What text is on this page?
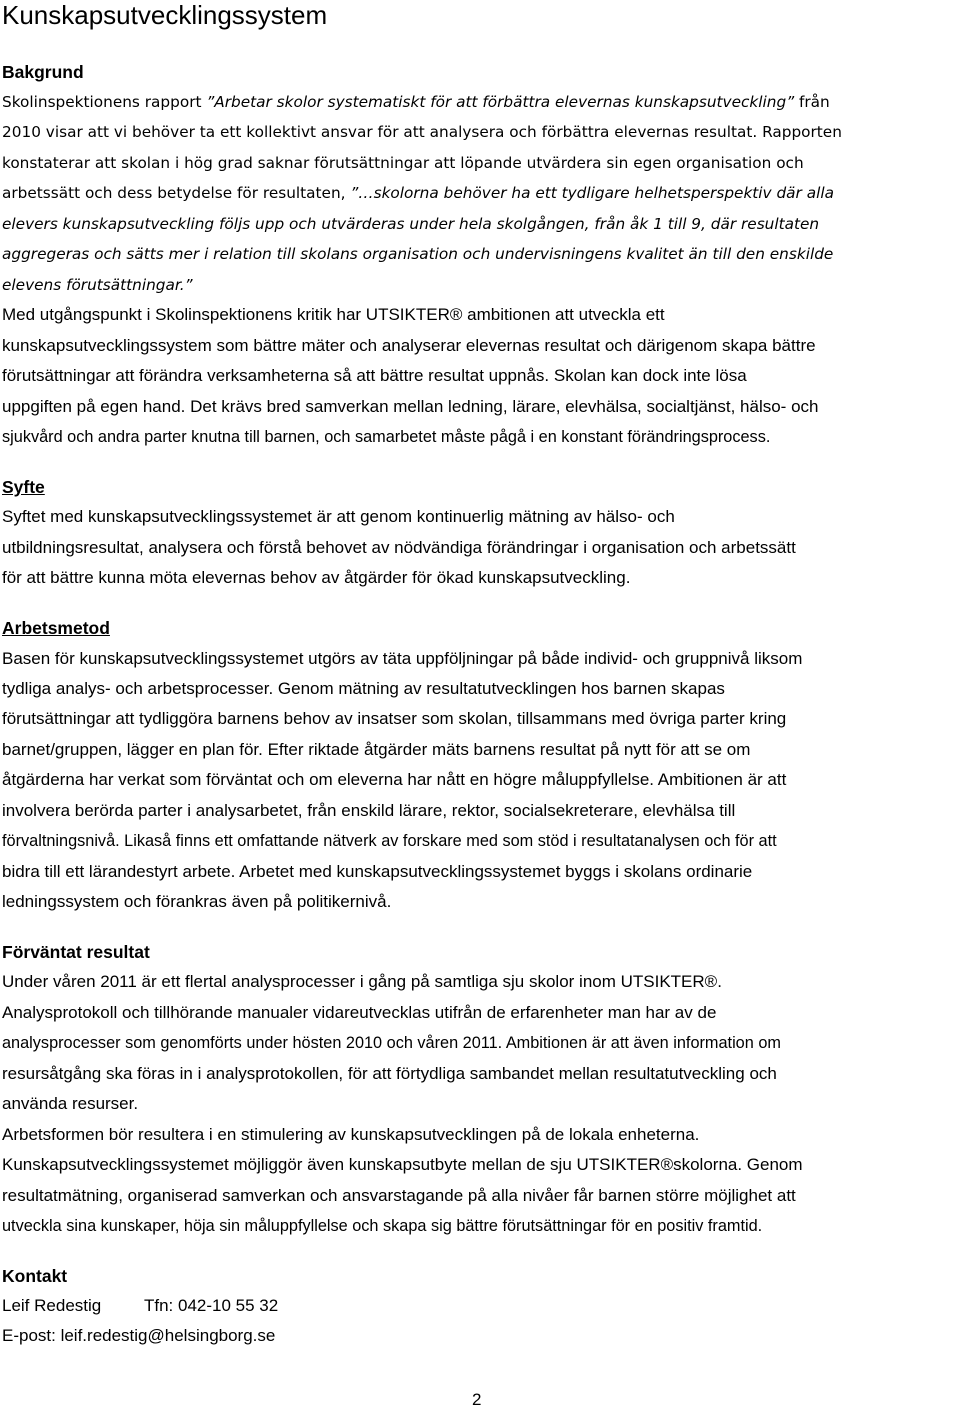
Kunskapsutvecklingssystem
Bakgrund
Skolinspektionens rapport ”Arbetar skolor systematiskt för att förbättra elevernas kunskapsutveckling” från
2010 visar att vi behöver ta ett kollektivt ansvar för att analysera och förbättra elevernas resultat. Rapporten
konstaterar att skolan i hög grad saknar förutsättningar att löpande utvärdera sin egen organisation och
arbetssätt och dess betydelse för resultaten, ”…skolorna behöver ha ett tydligare helhetsperspektiv där alla
elevers kunskapsutveckling följs upp och utvärderas under hela skolgången, från åk 1 till 9, där resultaten
aggregeras och sätts mer i relation till skolans organisation och undervisningens kvalitet än till den enskilde
elevens förutsättningar.”
Med utgångspunkt i Skolinspektionens kritik har UTSIKTER® ambitionen att utveckla ett
kunskapsutvecklingssystem som bättre mäter och analyserar elevernas resultat och därigenom skapa bättre
förutsättningar att förändra verksamheterna så att bättre resultat uppnås. Skolan kan dock inte lösa
uppgiften på egen hand. Det krävs bred samverkan mellan ledning, lärare, elevhälsa, socialtjänst, hälso- och
sjukvård och andra parter knutna till barnen, och samarbetet måste pågå i en konstant förändringsprocess.
Syfte
Syftet med kunskapsutvecklingssystemet är att genom kontinuerlig mätning av hälso- och
utbildningsresultat, analysera och förstå behovet av nödvändiga förändringar i organisation och arbetssätt
för att bättre kunna möta elevernas behov av åtgärder för ökad kunskapsutveckling.
Arbetsmetod
Basen för kunskapsutvecklingssystemet utgörs av täta uppföljningar på både individ- och gruppnivå liksom
tydliga analys- och arbetsprocesser. Genom mätning av resultatutvecklingen hos barnen skapas
förutsättningar att tydliggöra barnens behov av insatser som skolan, tillsammans med övriga parter kring
barnet/gruppen, lägger en plan för. Efter riktade åtgärder mäts barnens resultat på nytt för att se om
åtgärderna har verkat som förväntat och om eleverna har nått en högre måluppfyllelse. Ambitionen är att
involvera berörda parter i analysarbetet, från enskild lärare, rektor, socialsekreterare, elevhälsa till
förvaltningsnivå. Likaså finns ett omfattande nätverk av forskare med som stöd i resultatanalysen och för att
bidra till ett lärandestyrt arbete. Arbetet med kunskapsutvecklingssystemet byggs i skolans ordinarie
ledningssystem och förankras även på politikernivå.
Förväntat resultat
Under våren 2011 är ett flertal analysprocesser i gång på samtliga sju skolor inom UTSIKTER®.
Analysprotokoll och tillhörande manualer vidareutvecklas utifrån de erfarenheter man har av de
analysprocesser som genomförts under hösten 2010 och våren 2011. Ambitionen är att även information om
resursåtgång ska föras in i analysprotokollen, för att förtydliga sambandet mellan resultatutveckling och
använda resurser.
Arbetsformen bör resultera i en stimulering av kunskapsutvecklingen på de lokala enheterna.
Kunskapsutvecklingssystemet möjliggör även kunskapsutbyte mellan de sju UTSIKTER®skolorna. Genom
resultatmätning, organiserad samverkan och ansvarstagande på alla nivåer får barnen större möjlighet att
utveckla sina kunskaper, höja sin måluppfyllelse och skapa sig bättre förutsättningar för en positiv framtid.
Kontakt
Leif Redestig	Tfn: 042-10 55 32
E-post: leif.redestig@helsingborg.se
2
